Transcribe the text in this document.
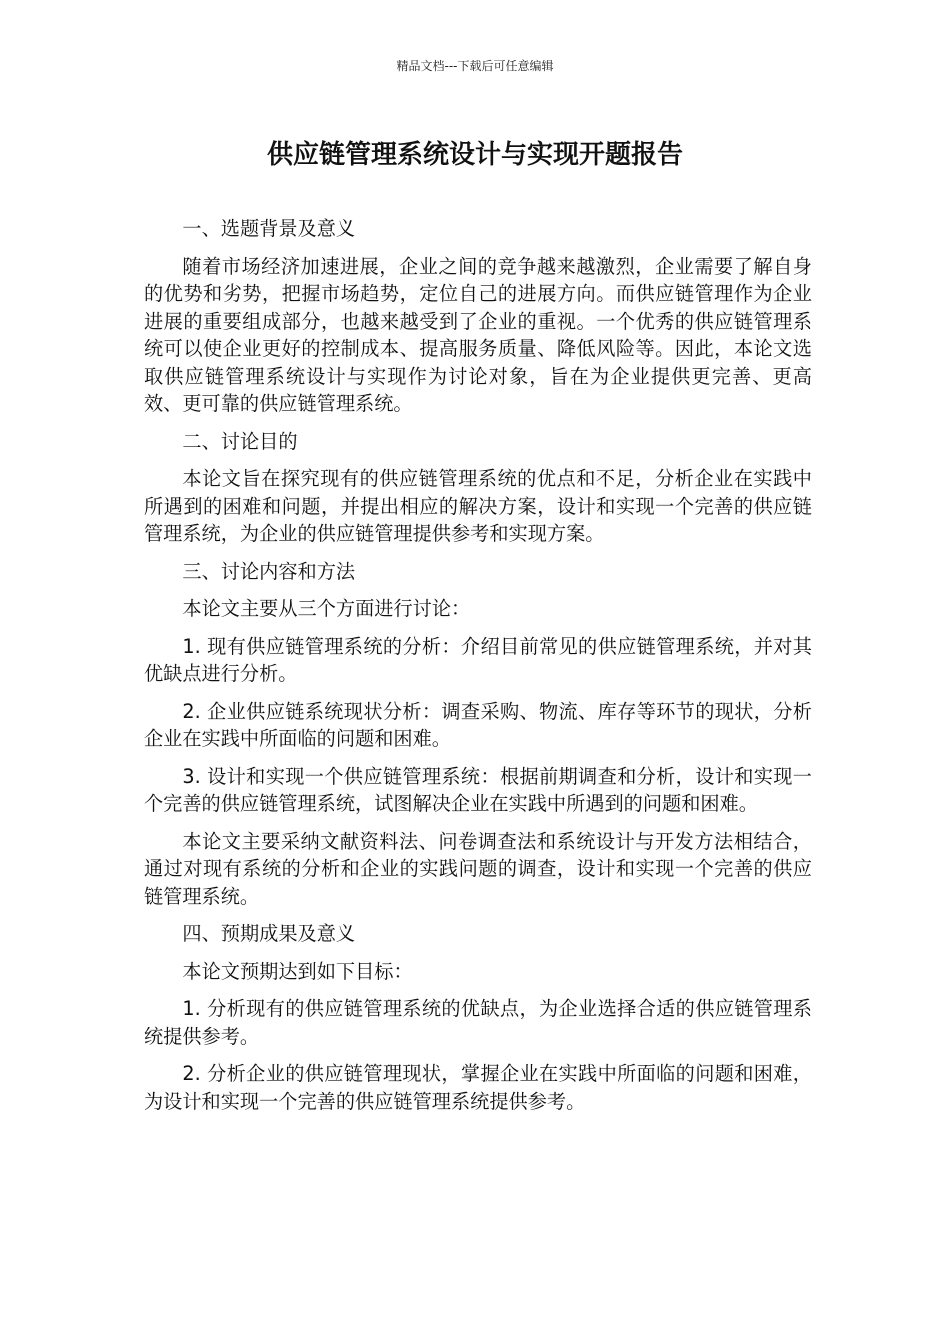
精品文档---下载后可任意编辑
供应链管理系统设计与实现开题报告

一、选题背景及意义

随着市场经济加速进展，企业之间的竞争越来越激烈，企业需要了解自身的优势和劣势，把握市场趋势，定位自己的进展方向。而供应链管理作为企业进展的重要组成部分，也越来越受到了企业的重视。一个优秀的供应链管理系统可以使企业更好的控制成本、提高服务质量、降低风险等。因此，本论文选取供应链管理系统设计与实现作为讨论对象，旨在为企业提供更完善、更高效、更可靠的供应链管理系统。

二、讨论目的

本论文旨在探究现有的供应链管理系统的优点和不足，分析企业在实践中所遇到的困难和问题，并提出相应的解决方案，设计和实现一个完善的供应链管理系统，为企业的供应链管理提供参考和实现方案。

三、讨论内容和方法

本论文主要从三个方面进行讨论：

1. 现有供应链管理系统的分析：介绍目前常见的供应链管理系统，并对其优缺点进行分析。

2. 企业供应链系统现状分析：调查采购、物流、库存等环节的现状，分析企业在实践中所面临的问题和困难。

3. 设计和实现一个供应链管理系统：根据前期调查和分析，设计和实现一个完善的供应链管理系统，试图解决企业在实践中所遇到的问题和困难。

本论文主要采纳文献资料法、问卷调查法和系统设计与开发方法相结合，通过对现有系统的分析和企业的实践问题的调查，设计和实现一个完善的供应链管理系统。

四、预期成果及意义

本论文预期达到如下目标：

1. 分析现有的供应链管理系统的优缺点，为企业选择合适的供应链管理系统提供参考。

2. 分析企业的供应链管理现状，掌握企业在实践中所面临的问题和困难，为设计和实现一个完善的供应链管理系统提供参考。
